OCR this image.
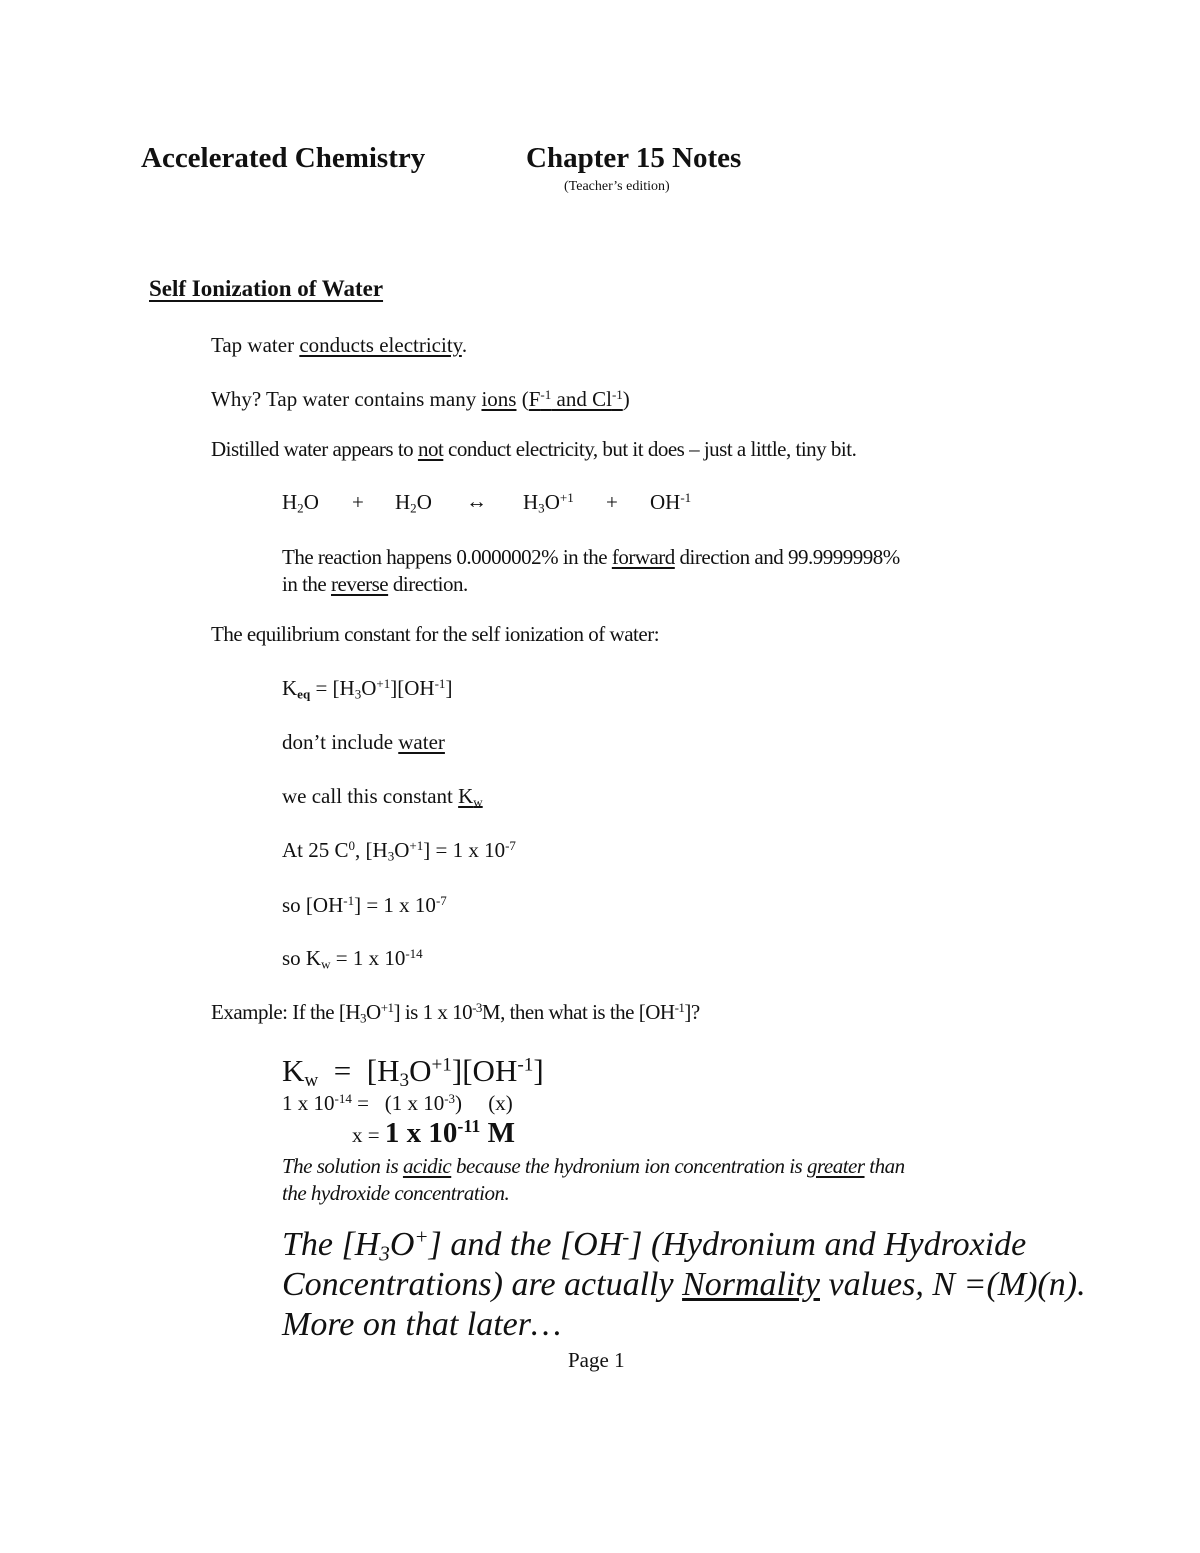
Accelerated Chemistry	Chapter 15 Notes
(Teacher’s edition)
Self Ionization of Water
Tap water conducts electricity.
Why? Tap water contains many ions ($F^{-1}$ and $Cl^{-1}$)
Distilled water appears to not conduct electricity, but it does – just a little, tiny bit.
$H_2O + H_2O$ ↔ $H_3O^{+1} + OH^{-1}$
The reaction happens 0.0000002% in the forward direction and 99.9999998%
in the reverse direction.
The equilibrium constant for the self ionization of water:
$K_{eq} = [H_3O^{+1}][OH^{-1}]$
don’t include water
we call this constant $K_w$
At 25 $C^0$, $[H_3O^{+1}] = 1$ x $10^{-7}$
so $[OH^{-1}] = 1$ x $10^{-7}$
so $K_w = 1$ x $10^{-14}$
Example: If the $[H_3O^{+1}]$ is 1 x $10^{-3}M$, then what is the $[OH^{-1}]$?
$K_w = [H_3O^{+1}][OH^{-1}]$
1 x $10^{-14} = (1$ x $10^{-3}$)     (x)
x = 1 x $10^{-11}$ M
The solution is acidic because the hydronium ion concentration is greater than
the hydroxide concentration.
The $[H_3O^+]$ and the [OH-] (Hydronium and Hydroxide
Concentrations) are actually Normality values, N =(M)(n).
More on that later…
Page 1
